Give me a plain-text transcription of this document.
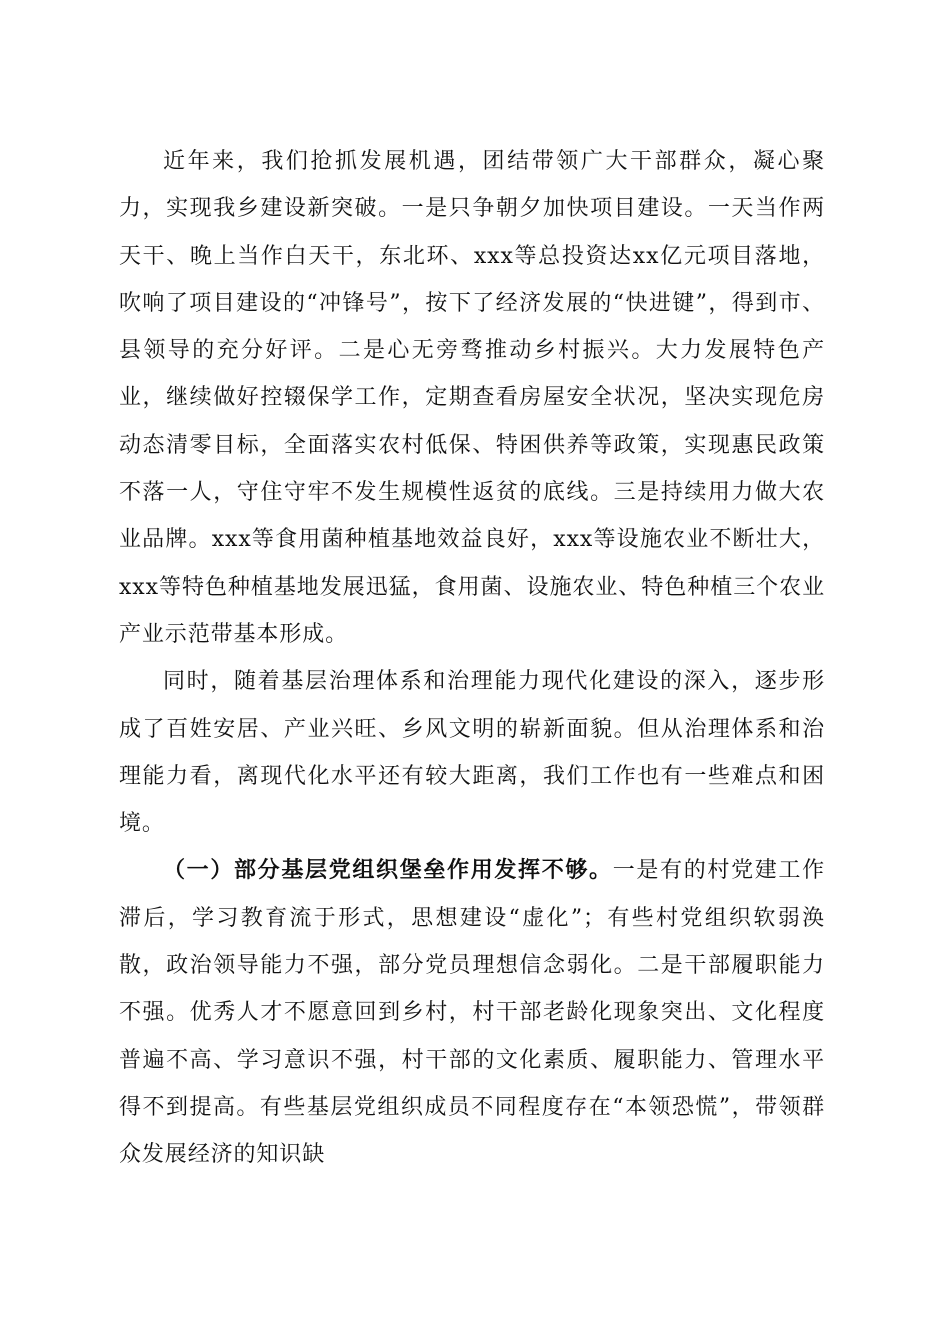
近年来，我们抢抓发展机遇，团结带领广大干部群众，凝心聚力，实现我乡建设新突破。一是只争朝夕加快项目建设。一天当作两天干、晚上当作白天干，东北环、xxx等总投资达xx亿元项目落地，吹响了项目建设的“冲锋号”，按下了经济发展的“快进键”，得到市、县领导的充分好评。二是心无旁骛推动乡村振兴。大力发展特色产业，继续做好控辍保学工作，定期查看房屋安全状况，坚决实现危房动态清零目标，全面落实农村低保、特困供养等政策，实现惠民政策不落一人，守住守牢不发生规模性返贫的底线。三是持续用力做大农业品牌。xxx等食用菌种植基地效益良好，xxx等设施农业不断壮大，xxx等特色种植基地发展迅猛，食用菌、设施农业、特色种植三个农业产业示范带基本形成。

同时，随着基层治理体系和治理能力现代化建设的深入，逐步形成了百姓安居、产业兴旺、乡风文明的崭新面貌。但从治理体系和治理能力看，离现代化水平还有较大距离，我们工作也有一些难点和困境。

（一）部分基层党组织堡垒作用发挥不够。一是有的村党建工作滞后，学习教育流于形式，思想建设“虚化”；有些村党组织软弱涣散，政治领导能力不强，部分党员理想信念弱化。二是干部履职能力不强。优秀人才不愿意回到乡村，村干部老龄化现象突出、文化程度普遍不高、学习意识不强，村干部的文化素质、履职能力、管理水平得不到提高。有些基层党组织成员不同程度存在“本领恐慌”，带领群众发展经济的知识缺
